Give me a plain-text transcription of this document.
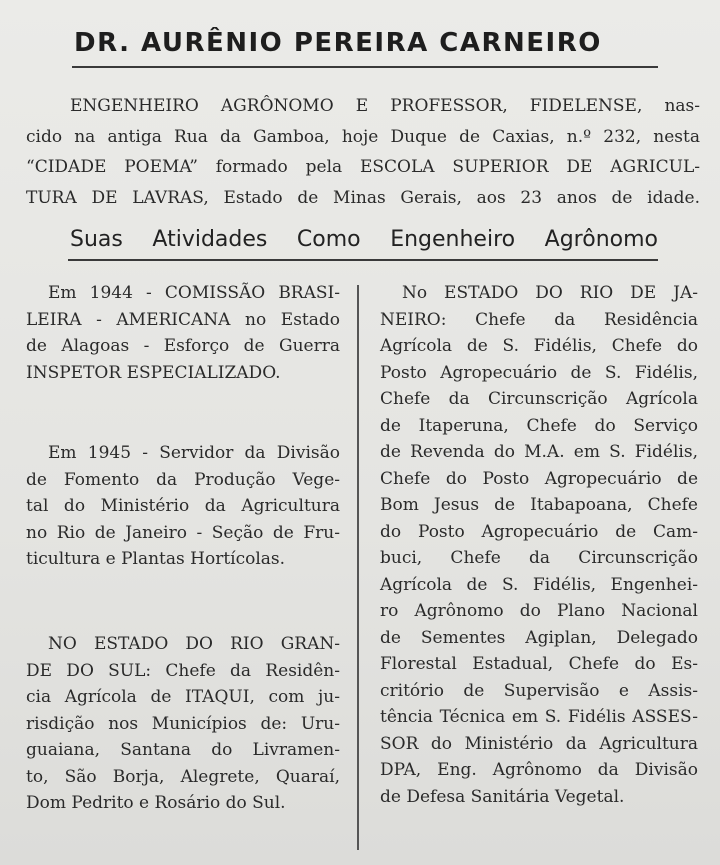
DR. AURÊNIO PEREIRA CARNEIRO
ENGENHEIRO AGRÔNOMO E PROFESSOR, FIDELENSE, nas-
cido na antiga Rua da Gamboa, hoje Duque de Caxias, n.º 232, nesta
“CIDADE POEMA” formado pela ESCOLA SUPERIOR DE AGRICUL-
TURA DE LAVRAS, Estado de Minas Gerais, aos 23 anos de idade.
Suas Atividades Como Engenheiro Agrônomo
Em 1944 - COMISSÃO BRASI-
LEIRA - AMERICANA no Estado
de Alagoas - Esforço de Guerra
INSPETOR ESPECIALIZADO.
Em 1945 - Servidor da Divisão
de Fomento da Produção Vege-
tal do Ministério da Agricultura
no Rio de Janeiro - Seção de Fru-
ticultura e Plantas Hortícolas.
NO ESTADO DO RIO GRAN-
DE DO SUL: Chefe da Residên-
cia Agrícola de ITAQUI, com ju-
risdição nos Municípios de: Uru-
guaiana, Santana do Livramen-
to, São Borja, Alegrete, Quaraí,
Dom Pedrito e Rosário do Sul.
No ESTADO DO RIO DE JA-
NEIRO: Chefe da Residência
Agrícola de S. Fidélis, Chefe do
Posto Agropecuário de S. Fidélis,
Chefe da Circunscrição Agrícola
de Itaperuna, Chefe do Serviço
de Revenda do M.A. em S. Fidélis,
Chefe do Posto Agropecuário de
Bom Jesus de Itabapoana, Chefe
do Posto Agropecuário de Cam-
buci, Chefe da Circunscrição
Agrícola de S. Fidélis, Engenhei-
ro Agrônomo do Plano Nacional
de Sementes Agiplan, Delegado
Florestal Estadual, Chefe do Es-
critório de Supervisão e Assis-
tência Técnica em S. Fidélis ASSES-
SOR do Ministério da Agricultura
DPA, Eng. Agrônomo da Divisão
de Defesa Sanitária Vegetal.
